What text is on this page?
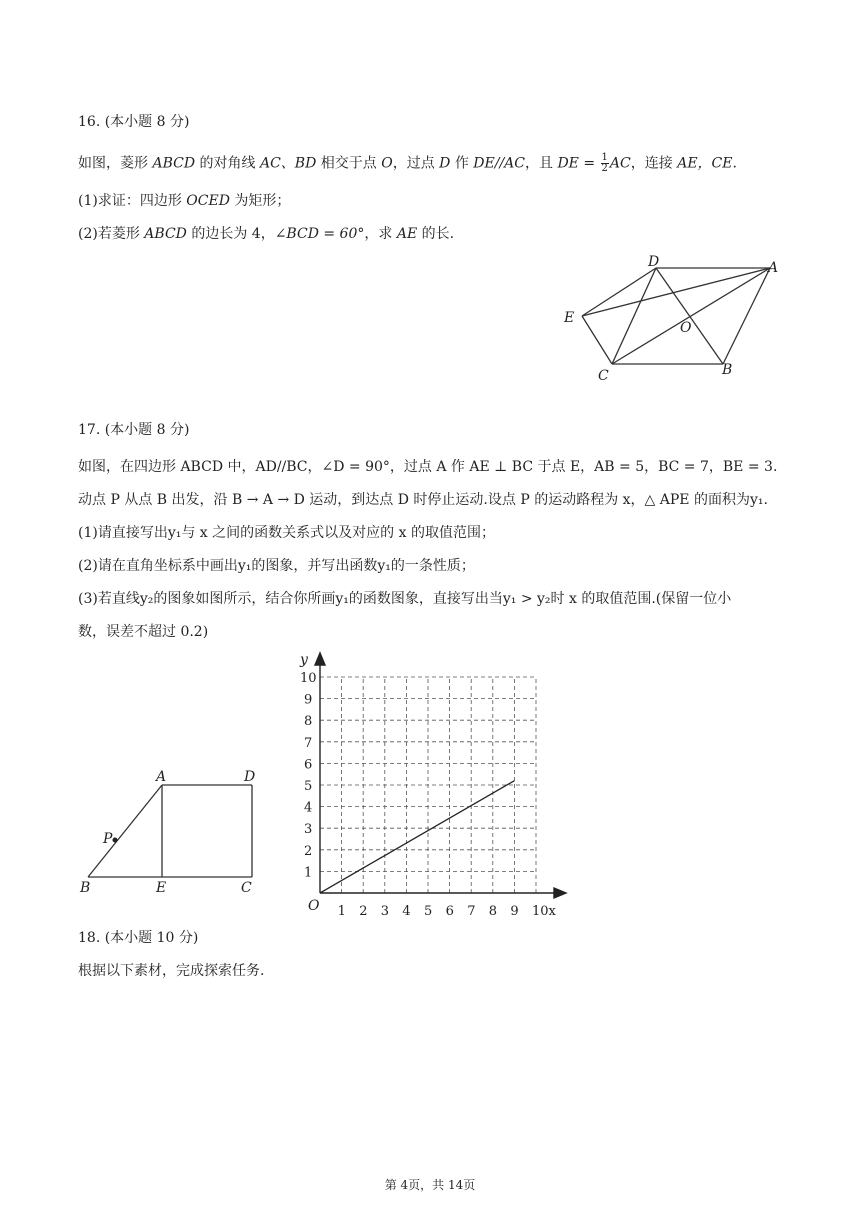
16. (本小题 8 分)
如图，菱形 ABCD 的对角线 AC、BD 相交于点 O，过点 D 作 DE//AC，且 DE = $\frac{1}{2}$ AC，连接 AE，CE.
(1)求证：四边形 OCED 为矩形；
(2)若菱形 ABCD 的边长为 4，∠BCD = 60°，求 AE 的长.
D	A
E
O
C	B
17. (本小题 8 分)
如图，在四边形 ABCD 中，AD//BC，∠D = 90°，过点 A 作 AE ⊥ BC 于点 E，AB = 5，BC = 7，BE = 3.
动点 P 从点 B 出发，沿 B → A → D 运动，到达点 D 时停止运动.设点 P 的运动路程为 x，△ APE 的面积为y₁.
(1)请直接写出y₁与 x 之间的函数关系式以及对应的 x 的取值范围；
(2)请在直角坐标系中画出y₁的图象，并写出函数y₁的一条性质；
(3)若直线y₂的图象如图所示，结合你所画y₁的函数图象，直接写出当y₁ > y₂时 x 的取值范围.(保留一位小
数，误差不超过 0.2)
A	D
P
B	E	C
1 2 3 4 5 6 7 8 9 10x
1
2
3
4
5
6
7
8
9
10
y
O
18. (本小题 10 分)
根据以下素材，完成探索任务.
第 4页，共 14页
